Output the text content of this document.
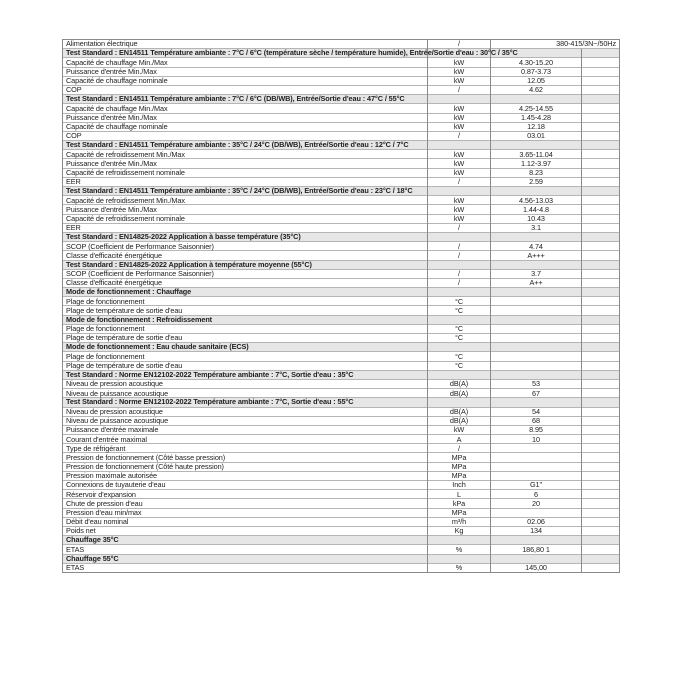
Alimentation électrique	/	380-415/3N~/50Hz	

Test Standard : EN14511 Température ambiante : 7°C / 6°C (température sèche / température humide), Entrée/Sortie d'eau : 30°C / 35°C			

Capacité de chauffage Min./Max	kW	4.30-15.20	
Puissance d'entrée Min./Max	kW	0.87-3.73	
Capacité de chauffage nominale	kW	12.05	
COP	/	4.62	

Test Standard : EN14511 Température ambiante : 7°C / 6°C (DB/WB), Entrée/Sortie d'eau : 47°C / 55°C			

Capacité de chauffage Min./Max	kW	4.25-14.55	
Puissance d'entrée Min./Max	kW	1.45-4.28	
Capacité de chauffage nominale	kW	12.18	
COP	/	03.01	

Test Standard : EN14511 Température ambiante : 35°C / 24°C (DB/WB), Entrée/Sortie d'eau : 12°C / 7°C			

Capacité de refroidissement Min./Max	kW	3.65-11.04	
Puissance d'entrée Min./Max	kW	1.12-3.97	
Capacité de refroidissement nominale	kW	8.23	
EER	/	2.59	

Test Standard : EN14511 Température ambiante : 35°C / 24°C (DB/WB), Entrée/Sortie d'eau : 23°C / 18°C			

Capacité de refroidissement Min./Max	kW	4.56-13.03	
Puissance d'entrée Min./Max	kW	1.44-4.8	
Capacité de refroidissement nominale	kW	10.43	
EER	/	3.1	

Test Standard : EN14825-2022 Application à basse température (35°C)			

SCOP (Coefficient de Performance Saisonnier)	/	4.74	
Classe d'efficacité énergétique	/	A+++	

Test Standard : EN14825-2022 Application à température moyenne (55°C)			

SCOP (Coefficient de Performance Saisonnier)	/	3.7	
Classe d'efficacité énergétique	/	A++	

Mode de fonctionnement : Chauffage			

Plage de fonctionnement	°C		
Plage de température de sortie d'eau	°C		

Mode de fonctionnement : Refroidissement			

Plage de fonctionnement	°C		
Plage de température de sortie d'eau	°C		

Mode de fonctionnement : Eau chaude sanitaire (ECS)			

Plage de fonctionnement	°C		
Plage de température de sortie d'eau	°C		

Test Standard : Norme EN12102-2022 Température ambiante : 7°C, Sortie d'eau : 35°C			

Niveau de pression acoustique	dB(A)	53	
Niveau de puissance acoustique	dB(A)	67	

Test Standard : Norme EN12102-2022 Température ambiante : 7°C, Sortie d'eau : 55°C			

Niveau de pression acoustique	dB(A)	54	
Niveau de puissance acoustique	dB(A)	68	
Puissance d'entrée maximale	kW	8.95	
Courant d'entrée maximal	A	10	
Type de réfrigérant	/		
Pression de fonctionnement (Côté basse pression)	MPa		
Pression de fonctionnement (Côté haute pression)	MPa		
Pression maximale autorisée	MPa		
Connexions de tuyauterie d'eau	Inch	G1"	
Réservoir d'expansion	L	6	
Chute de pression d'eau	kPa	20	
Pression d'eau min/max	MPa		
Débit d'eau nominal	m³/h	02.06	
Poids net	Kg	134	

Chauffage 35°C			

ETAS	%	186,80 1	

Chauffage 55°C			

ETAS	%	145,00	
